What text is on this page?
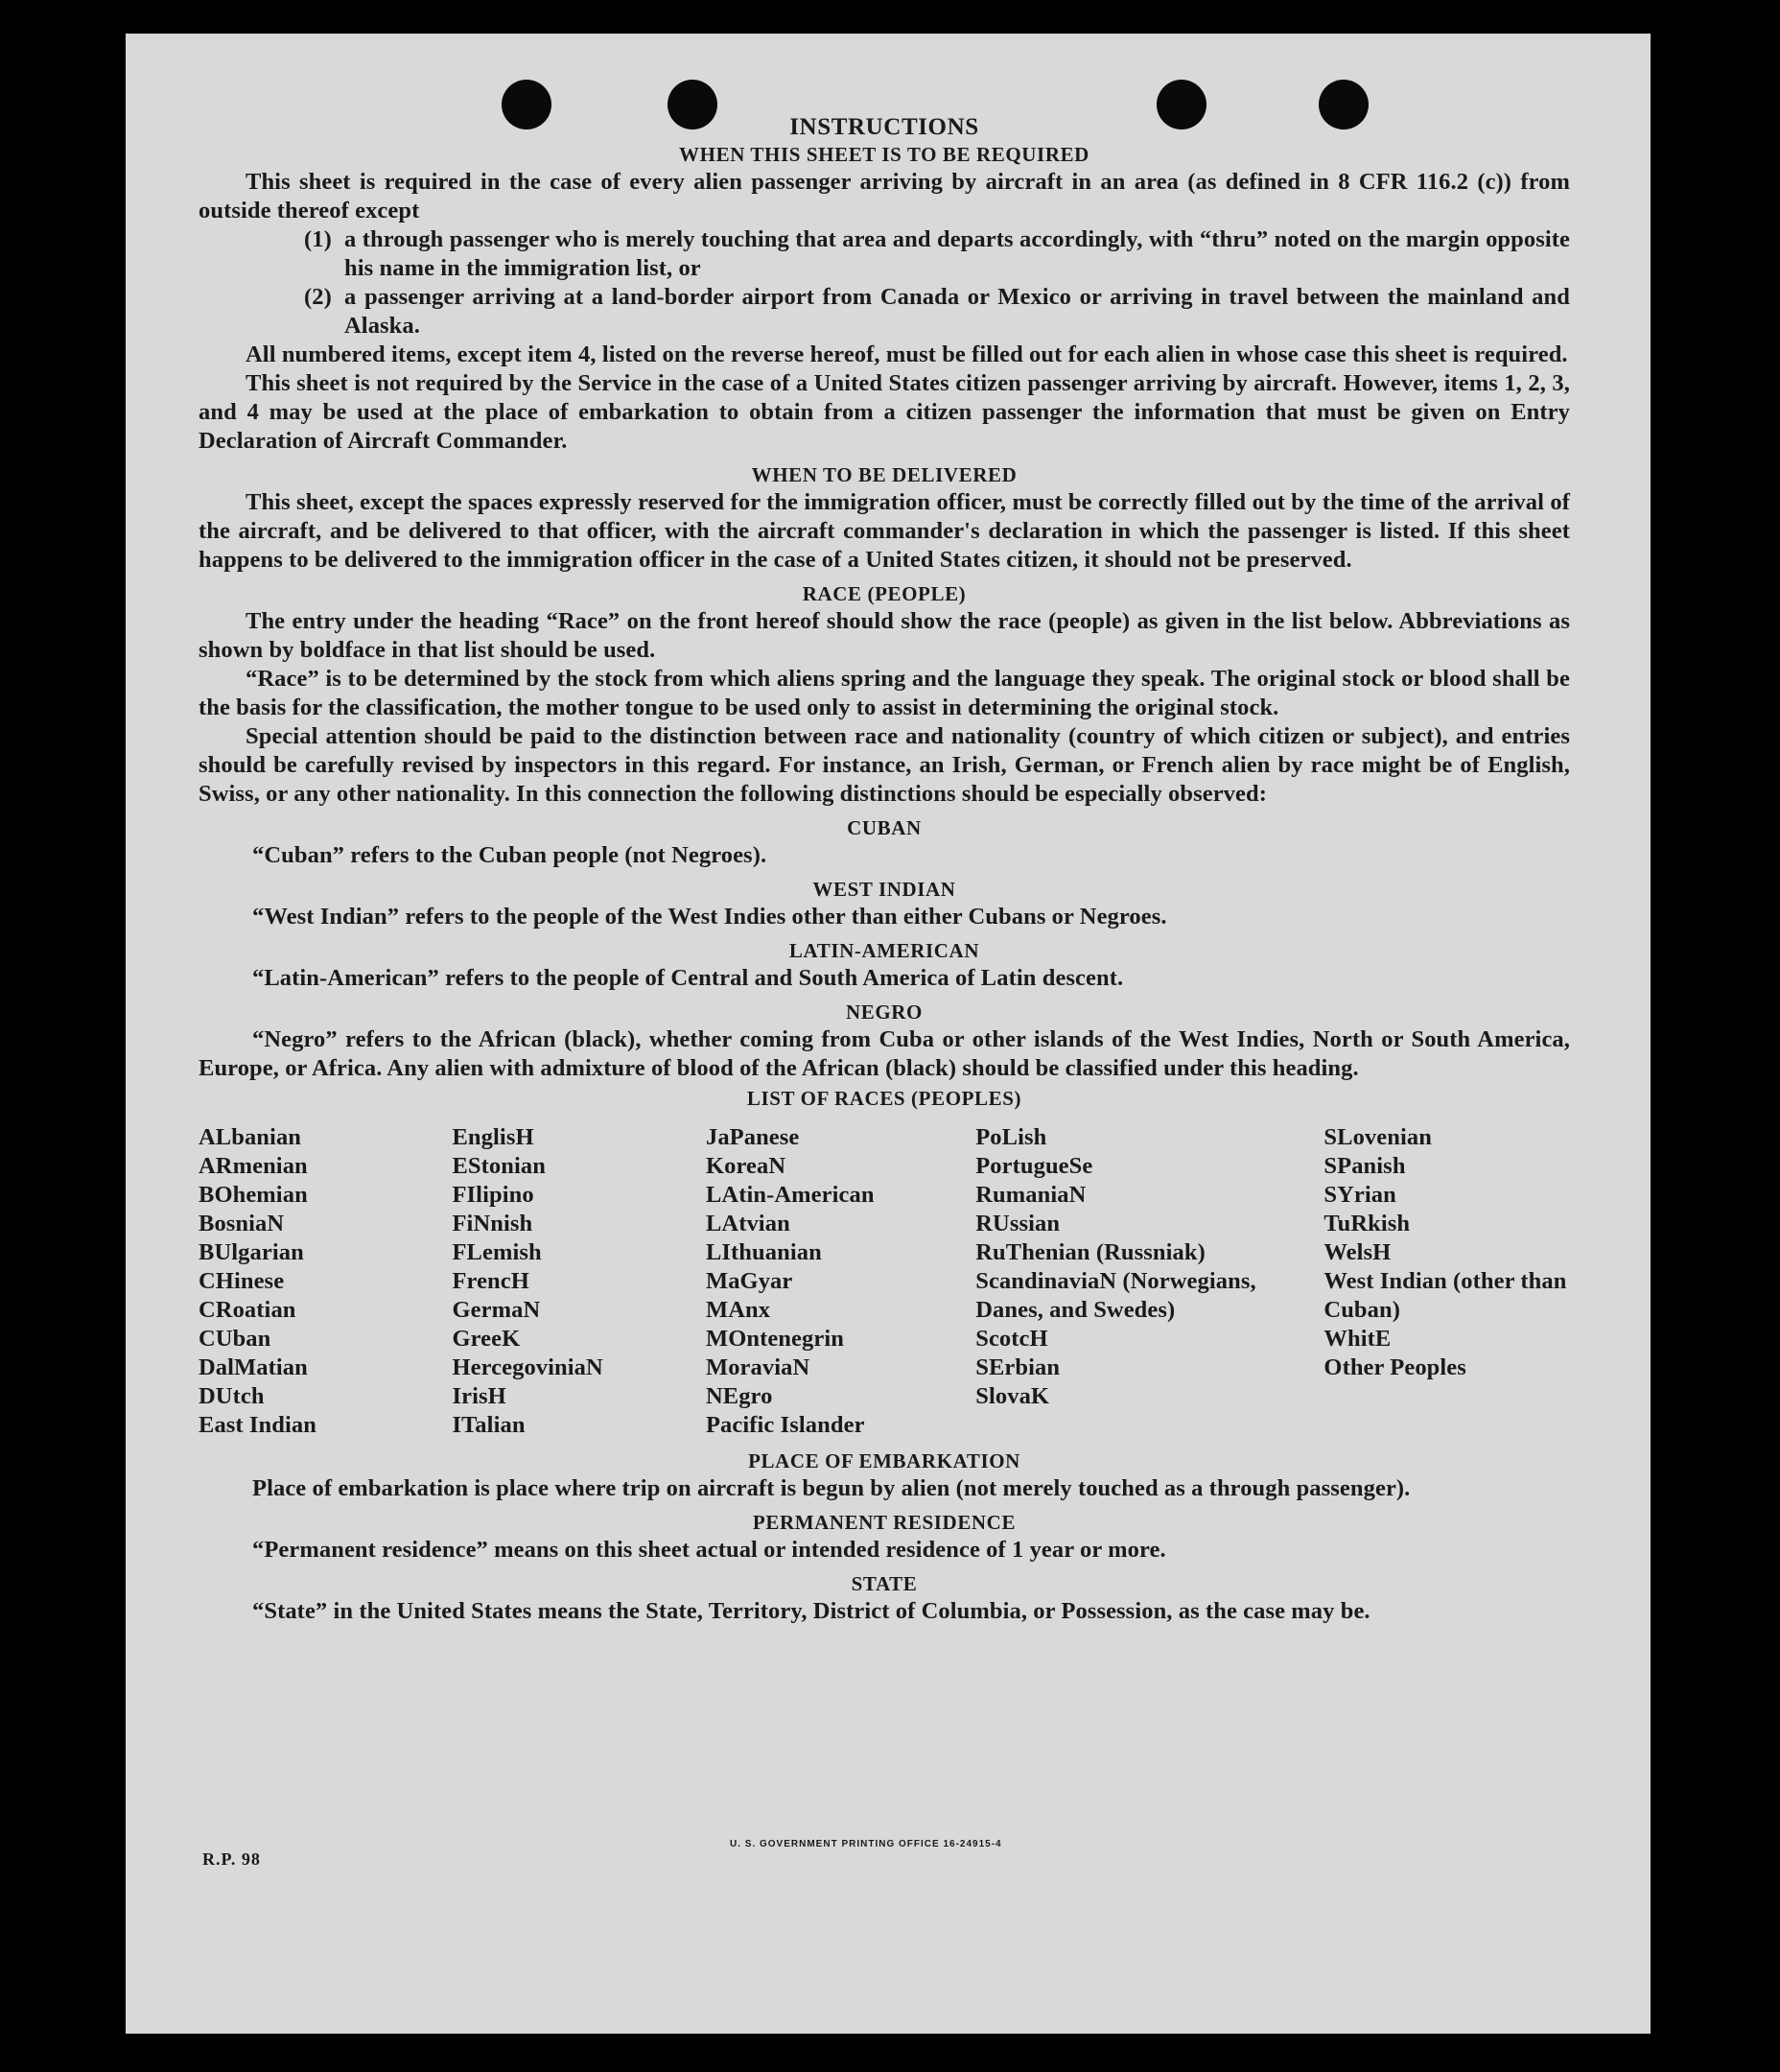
INSTRUCTIONS
WHEN THIS SHEET IS TO BE REQUIRED

This sheet is required in the case of every alien passenger arriving by aircraft in an area (as defined in 8 CFR 116.2 (c)) from outside thereof except

(1) a through passenger who is merely touching that area and departs accordingly, with “thru” noted on the margin opposite his name in the immigration list, or
(2) a passenger arriving at a land-border airport from Canada or Mexico or arriving in travel between the mainland and Alaska.

All numbered items, except item 4, listed on the reverse hereof, must be filled out for each alien in whose case this sheet is required.

This sheet is not required by the Service in the case of a United States citizen passenger arriving by aircraft. However, items 1, 2, 3, and 4 may be used at the place of embarkation to obtain from a citizen passenger the information that must be given on Entry Declaration of Aircraft Commander.

WHEN TO BE DELIVERED

This sheet, except the spaces expressly reserved for the immigration officer, must be correctly filled out by the time of the arrival of the aircraft, and be delivered to that officer, with the aircraft commander's declaration in which the passenger is listed. If this sheet happens to be delivered to the immigration officer in the case of a United States citizen, it should not be preserved.

RACE (PEOPLE)

The entry under the heading “Race” on the front hereof should show the race (people) as given in the list below. Abbreviations as shown by boldface in that list should be used.

“Race” is to be determined by the stock from which aliens spring and the language they speak. The original stock or blood shall be the basis for the classification, the mother tongue to be used only to assist in determining the original stock.

Special attention should be paid to the distinction between race and nationality (country of which citizen or subject), and entries should be carefully revised by inspectors in this regard. For instance, an Irish, German, or French alien by race might be of English, Swiss, or any other nationality. In this connection the following distinctions should be especially observed:

CUBAN
“Cuban” refers to the Cuban people (not Negroes).
WEST INDIAN
“West Indian” refers to the people of the West Indies other than either Cubans or Negroes.
LATIN-AMERICAN
“Latin-American” refers to the people of Central and South America of Latin descent.
NEGRO

“Negro” refers to the African (black), whether coming from Cuba or other islands of the West Indies, North or South America, Europe, or Africa. Any alien with admixture of blood of the African (black) should be classified under this heading.

LIST OF RACES (PEOPLES)
ALbanian
ARmenian
BOhemian
BosniaN
BUlgarian
CHinese
CRoatian
CUban
DalMatian
DUtch
East Indian
EnglisH
EStonian
FIlipino
FiNnish
FLemish
FrencH
GermaN
GreeK
HercegoviniaN
IrisH
ITalian
JaPanese
KoreaN
LAtin-American
LAtvian
LIthuanian
MaGyar
MAnx
MOntenegrin
MoraviaN
NEgro
Pacific Islander
PoLish
PortugueSe
RumaniaN
RUssian
RuThenian (Russniak)
ScandinaviaN (Norwegians, Danes, and Swedes)
ScotcH
SErbian
SlovaK
SLovenian
SPanish
SYrian
TuRkish
WelsH
West Indian (other than Cuban)
WhitE
Other Peoples
PLACE OF EMBARKATION

Place of embarkation is place where trip on aircraft is begun by alien (not merely touched as a through passenger).

PERMANENT RESIDENCE
“Permanent residence” means on this sheet actual or intended residence of 1 year or more.
STATE

“State” in the United States means the State, Territory, District of Columbia, or Possession, as the case may be.

R.P. 98
U. S. GOVERNMENT PRINTING OFFICE 16-24915-4
